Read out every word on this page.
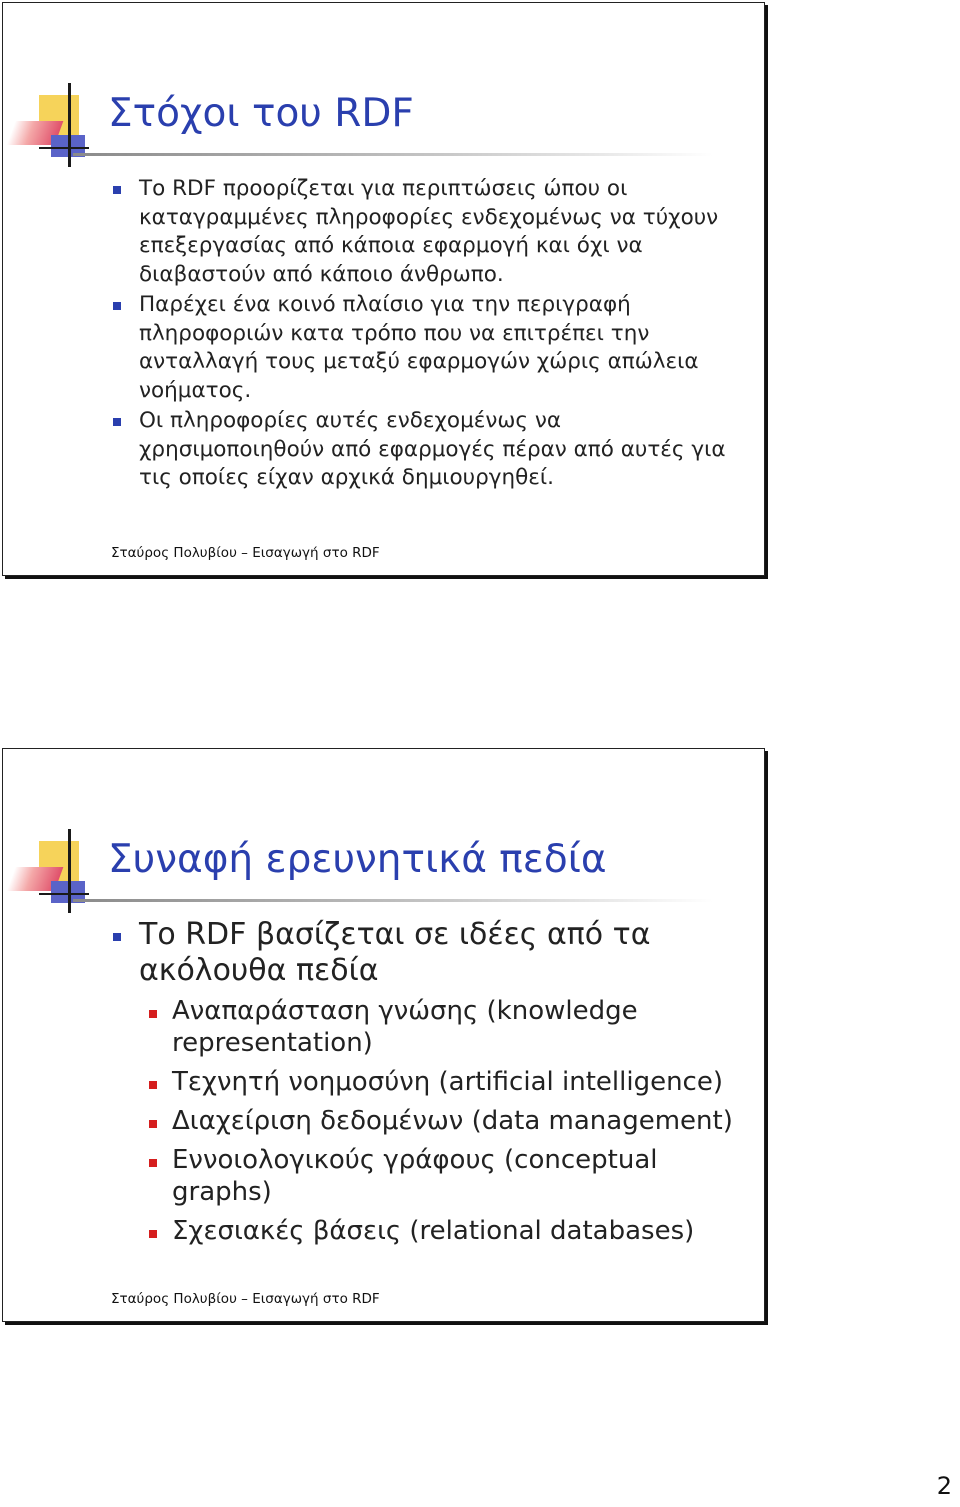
Στόχοι του RDF
Το RDF προορίζεται για περιπτώσεις ώπου οι καταγραμμένες πληροφορίες ενδεχομένως να τύχουν επεξεργασίας από κάποια εφαρμογή και όχι να διαβαστούν από κάποιο άνθρωπο.
Παρέχει ένα κοινό πλαίσιο για την περιγραφή πληροφοριών κατα τρόπο που να επιτρέπει την ανταλλαγή τους μεταξύ εφαρμογών χώρις απώλεια νοήματος.
Οι πληροφορίες αυτές ενδεχομένως να χρησιμοποιηθούν από εφαρμογές πέραν από αυτές για τις οποίες είχαν αρχικά δημιουργηθεί.
Σταύρος Πολυβίου – Εισαγωγή στο RDF
Συναφή ερευνητικά πεδία
Το RDF βασίζεται σε ιδέες από τα ακόλουθα πεδία
Αναπαράσταση γνώσης (knowledge representation)
Τεχνητή νοημοσύνη (artificial intelligence)
Διαχείριση δεδομένων (data management)
Εννοιολογικούς γράφους (conceptual graphs)
Σχεσιακές βάσεις (relational databases)
Σταύρος Πολυβίου – Εισαγωγή στο RDF
2
